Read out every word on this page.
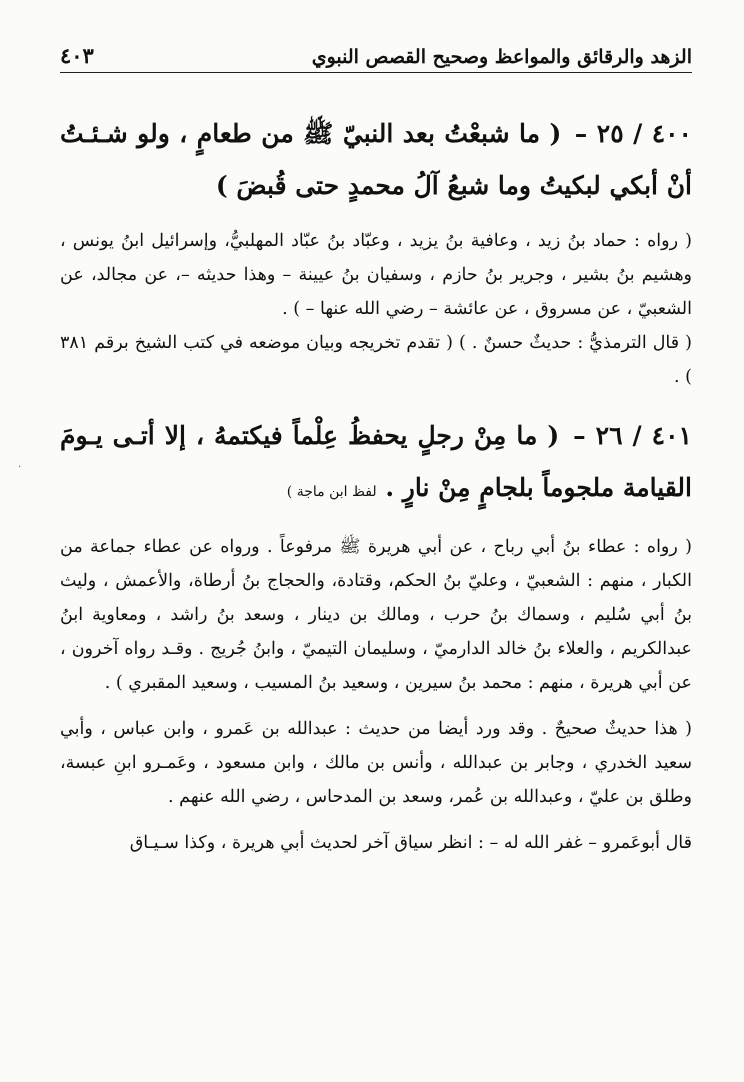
الزهد والرقائق والمواعظ وصحيح القصص النبوي
٤٠٣
٤٠٠ / ٢٥ – ( ما شبعْتُ بعد النبيّ ﷺ من طعامٍ ، ولو شـئـتُ أنْ أبكي لبكيتُ وما شبعُ آلُ محمدٍ حتى قُبضَ )

( رواه : حماد بنُ زيد ، وعافية بنُ يزيد ، وعبّاد بنُ عبّاد المهلبيُّ، وإسرائيل ابنُ يونس ، وهشيم بنُ بشير ، وجرير بنُ حازم ، وسفيان بنُ عيينة – وهذا حديثه –، عن مجالد، عن الشعبيّ ، عن مسروق ، عن عائشة – رضي الله عنها – ) .

( قال الترمذيُّ : حديثٌ حسنٌ . ) ( تقدم تخريجه وبيان موضعه في كتب الشيخ برقم ٣٨١ ) .

٤٠١ / ٢٦ – ( ما مِنْ رجلٍ يحفظُ عِلْماً فيكتمهُ ، إلا أتـى يـومَ القيامة ملجوماً بلجامٍ مِنْ نارٍ . لفظ ابن ماجة )

( رواه : عطاء بنُ أبي رباح ، عن أبي هريرة ﷺ مرفوعاً . ورواه عن عطاء جماعة من الكبار ، منهم : الشعبيّ ، وعليّ بنُ الحكم، وقتادة، والحجاج بنُ أرطاة، والأعمش ، وليث بنُ أبي سُليم ، وسماك بنُ حرب ، ومالك بن دينار ، وسعد بنُ راشد ، ومعاوية ابنُ عبدالكريم ، والعلاء بنُ خالد الدارميّ ، وسليمان التيميّ ، وابنُ جُريج . وقـد رواه آخرون ، عن أبي هريرة ، منهم : محمد بنُ سيرين ، وسعيد بنُ المسيب ، وسعيد المقبري ) .

( هذا حديثٌ صحيحٌ . وقد ورد أيضا من حديث : عبدالله بن عَمرو ، وابن عباس ، وأبي سعيد الخدري ، وجابر بن عبدالله ، وأنس بن مالك ، وابن مسعود ، وعَمـرو ابنِ عبسة، وطلق بن عليّ ، وعبدالله بن عُمر، وسعد بن المدحاس ، رضي الله عنهم .

قال أبوعَمرو – غفر الله له – : انظر سياق آخر لحديث أبي هريرة ، وكذا سـيـاق

·
